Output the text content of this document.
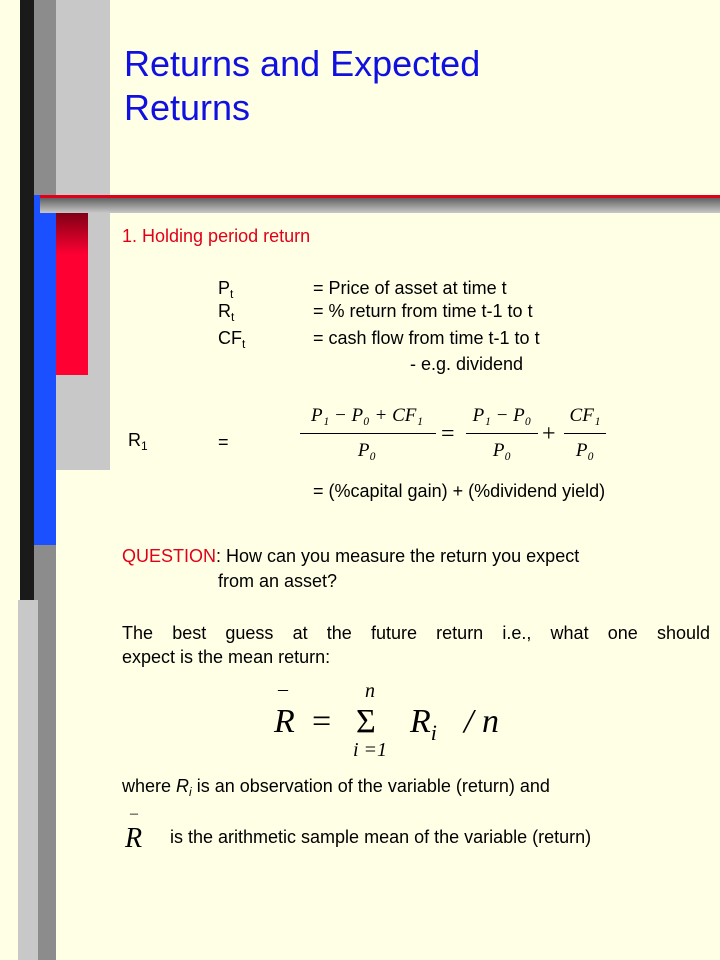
Returns and Expected
Returns
1. Holding period return
$P_t$	= Price of asset at time t
$R_t$	= % return from time t-1 to t
$CF_t$	= cash flow from time t-1 to t
- e.g. dividend
$R_1$	=
P₁ − P₀ + CF₁
P₀
=
P₁ − P₀
P₀
+
CF₁
P₀
= (%capital gain) + (%dividend yield)
QUESTION: How can you measure the return you expect
from an asset?
The best guess at the future return i.e., what one should
expect is the mean return:
–
R =
n
Σ
i =1
$R_i$ / n
where $R_i$ is an observation of the variable (return) and
–
R is the arithmetic sample mean of the variable (return)
